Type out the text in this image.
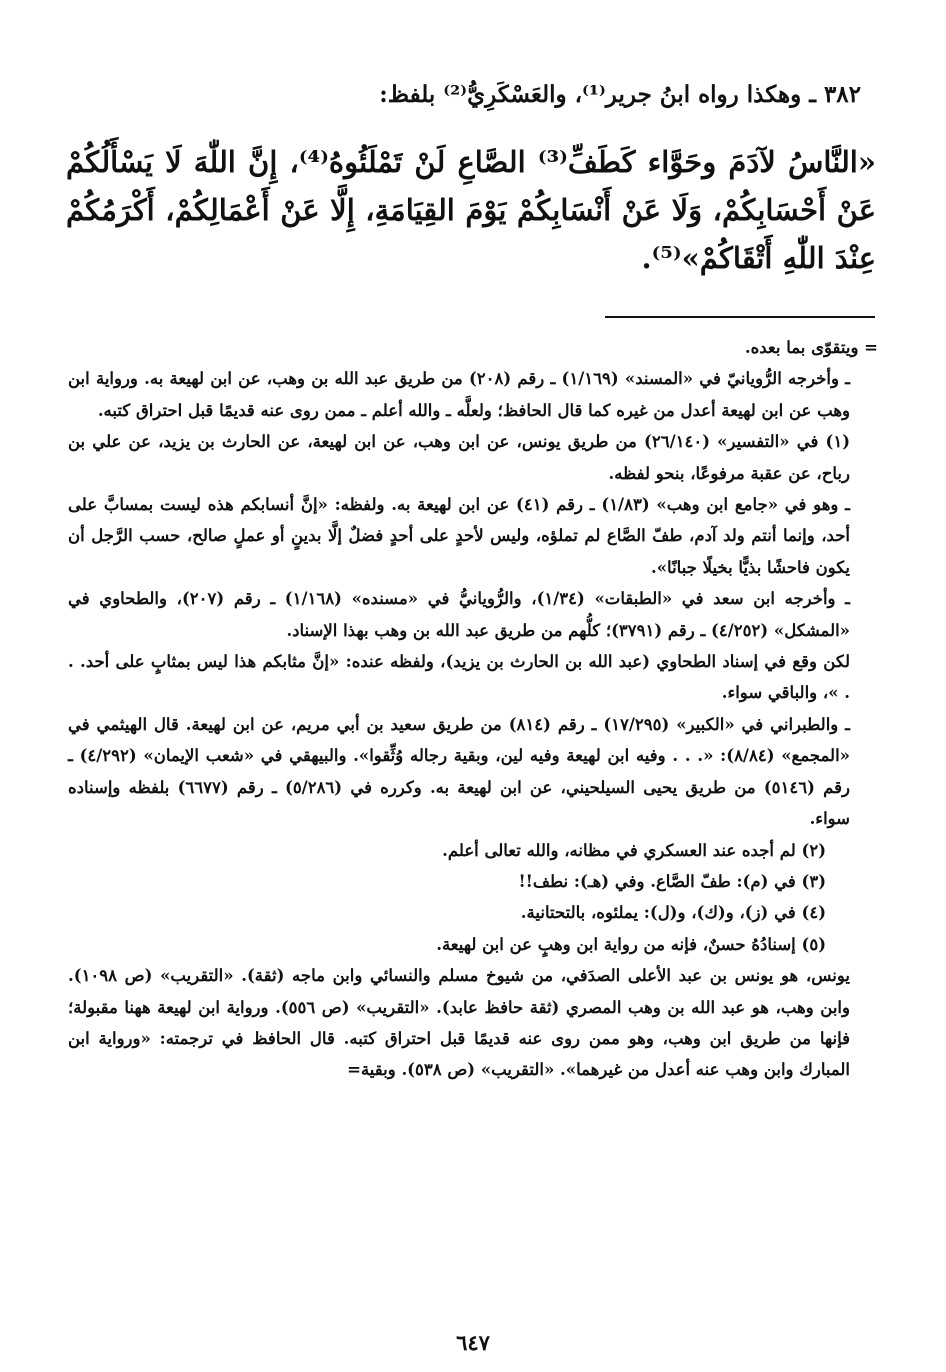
٣٨٢ ـ وهكذا رواه ابنُ جرير⁽¹⁾، والعَسْكَرِيُّ⁽²⁾ بلفظ:
«النَّاسُ لآدَمَ وحَوَّاء كَطَفِّ⁽³⁾ الصَّاعِ لَنْ تَمْلَئُوهُ⁽⁴⁾، إِنَّ اللّٰهَ لَا يَسْأَلُكُمْ عَنْ أَحْسَابِكُمْ، وَلَا عَنْ أَنْسَابِكُمْ يَوْمَ القِيَامَةِ، إِلَّا عَنْ أَعْمَالِكُمْ، أَكْرَمُكُمْ عِنْدَ اللّٰهِ أَتْقَاكُمْ»⁽⁵⁾.

= ويتقوّى بما بعده.

ـ وأخرجه الرُّويانيّ في «المسند» (١/١٦٩) ـ رقم (٢٠٨) من طريق عبد الله بن وهب، عن ابن لهيعة به. ورواية ابن وهب عن ابن لهيعة أعدل من غيره كما قال الحافظ؛ ولعلَّه ـ والله أعلم ـ ممن روى عنه قديمًا قبل احتراق كتبه.

(١) في «التفسير» (٢٦/١٤٠) من طريق يونس، عن ابن وهب، عن ابن لهيعة، عن الحارث بن يزيد، عن علي بن رباح، عن عقبة مرفوعًا، بنحو لفظه.

ـ وهو في «جامع ابن وهب» (١/٨٣) ـ رقم (٤١) عن ابن لهيعة به. ولفظه: «إنَّ أنسابكم هذه ليست بمسابَّ على أحد، وإنما أنتم ولد آدم، طفّ الصَّاع لم تملؤه، وليس لأحدٍ على أحدٍ فضلٌ إلَّا بدينٍ أو عملٍ صالح، حسب الرَّجل أن يكون فاحشًا بذيًّا بخيلًا جبانًا».

ـ وأخرجه ابن سعد في «الطبقات» (١/٣٤)، والرُّويانيُّ في «مسنده» (١/١٦٨) ـ رقم (٢٠٧)، والطحاوي في «المشكل» (٤/٢٥٢) ـ رقم (٣٧٩١)؛ كلُّهم من طريق عبد الله بن وهب بهذا الإسناد.

لكن وقع في إسناد الطحاوي (عبد الله بن الحارث بن يزيد)، ولفظه عنده: «إنَّ مثابكم هذا ليس بمثابٍ على أحد. . . »، والباقي سواء.

ـ والطبراني في «الكبير» (١٧/٢٩٥) ـ رقم (٨١٤) من طريق سعيد بن أبي مريم، عن ابن لهيعة. قال الهيثمي في «المجمع» (٨/٨٤): «. . . وفيه ابن لهيعة وفيه لين، وبقية رجاله وُثِّقوا». والبيهقي في «شعب الإيمان» (٤/٢٩٢) ـ رقم (٥١٤٦) من طريق يحيى السيلحيني، عن ابن لهيعة به. وكرره في (٥/٢٨٦) ـ رقم (٦٦٧٧) بلفظه وإسناده سواء.

(٢) لم أجده عند العسكري في مظانه، والله تعالى أعلم.

(٣) في (م): طفّ الصَّاع. وفي (هـ): نطف!!

(٤) في (ز)، و(ك)، و(ل): يملئوه، بالتحتانية.

(٥) إسنادُهُ حسنٌ، فإنه من رواية ابن وهبٍ عن ابن لهيعة.

يونس، هو يونس بن عبد الأعلى الصدَفي، من شيوخ مسلم والنسائي وابن ماجه (ثقة). «التقريب» (ص ١٠٩٨). وابن وهب، هو عبد الله بن وهب المصري (ثقة حافظ عابد). «التقريب» (ص ٥٥٦). ورواية ابن لهيعة ههنا مقبولة؛ فإنها من طريق ابن وهب، وهو ممن روى عنه قديمًا قبل احتراق كتبه. قال الحافظ في ترجمته: «ورواية ابن المبارك وابن وهب عنه أعدل من غيرهما». «التقريب» (ص ٥٣٨). وبقية=

٦٤٧
